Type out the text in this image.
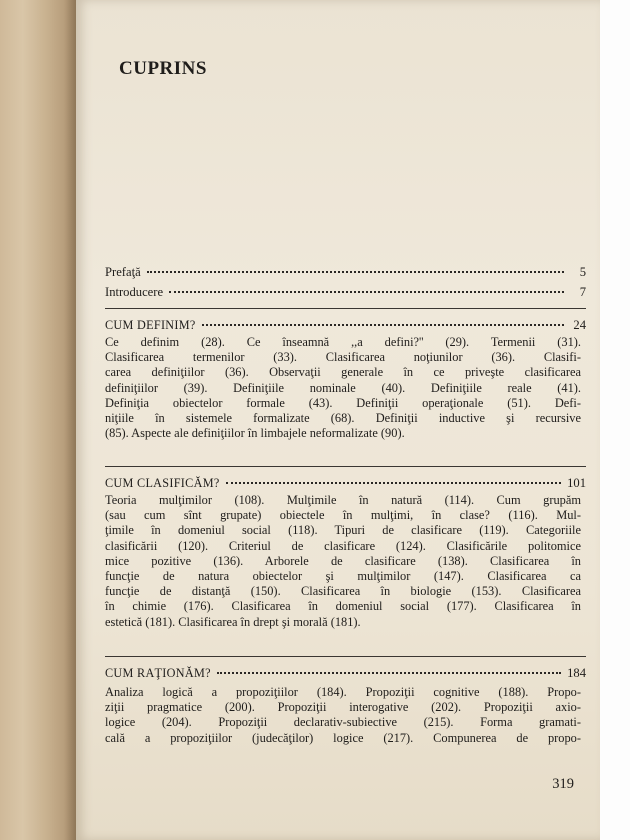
CUPRINS
Prefaţă	5
Introducere	7
CUM DEFINIM?	24

Ce definim (28). Ce înseamnă ,,a defini?'' (29). Termenii (31).

Clasificarea termenilor (33). Clasificarea noţiunilor (36). Clasifi-

carea definiţiilor (36). Observaţii generale în ce priveşte clasificarea

definiţiilor (39). Definiţiile nominale (40). Definiţiile reale (41).

Definiţia obiectelor formale (43). Definiţii operaţionale (51). Defi-

niţiile în sistemele formalizate (68). Definiţii inductive şi recursive

(85). Aspecte ale definiţiilor în limbajele neformalizate (90).

CUM CLASIFICĂM?	101

Teoria mulţimilor (108). Mulţimile în natură (114). Cum grupăm

(sau cum sînt grupate) obiectele în mulţimi, în clase? (116). Mul-

ţimile în domeniul social (118). Tipuri de clasificare (119). Categoriile

clasificării (120). Criteriul de clasificare (124). Clasificările politomice

mice pozitive (136). Arborele de clasificare (138). Clasificarea în

funcţie de natura obiectelor şi mulţimilor (147). Clasificarea ca

funcţie de distanţă (150). Clasificarea în biologie (153). Clasificarea

în chimie (176). Clasificarea în domeniul social (177). Clasificarea în

estetică (181). Clasificarea în drept şi morală (181).

CUM RAŢIONĂM?	184

Analiza logică a propoziţiilor (184). Propoziţii cognitive (188). Propo-

ziţii pragmatice (200). Propoziţii interogative (202). Propoziţii axio-

logice (204). Propoziţii declarativ-subiective (215). Forma gramati-

cală a propoziţiilor (judecăţilor) logice (217). Compunerea de propo-

319
